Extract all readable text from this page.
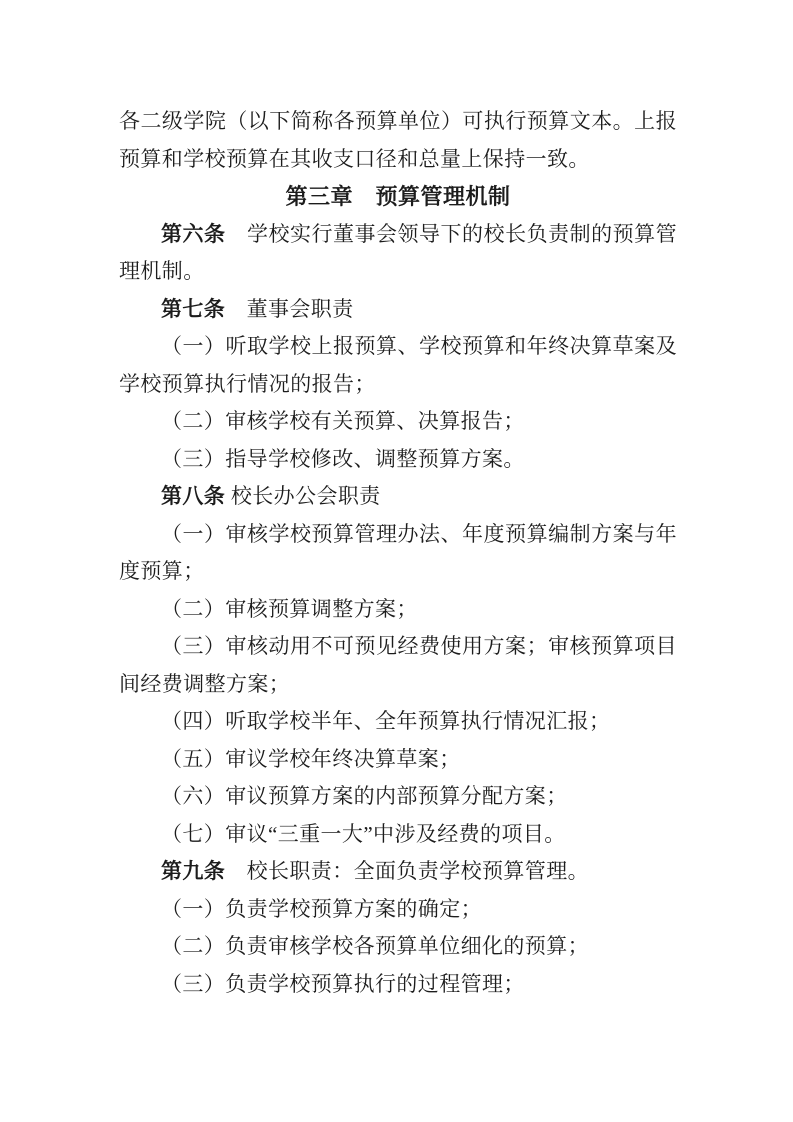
各二级学院（以下简称各预算单位）可执行预算文本。上报预算和学校预算在其收支口径和总量上保持一致。

第三章　预算管理机制

第六条　学校实行董事会领导下的校长负责制的预算管理机制。

第七条　董事会职责

（一）听取学校上报预算、学校预算和年终决算草案及学校预算执行情况的报告；

（二）审核学校有关预算、决算报告；

（三）指导学校修改、调整预算方案。

第八条 校长办公会职责

（一）审核学校预算管理办法、年度预算编制方案与年度预算；

（二）审核预算调整方案；

（三）审核动用不可预见经费使用方案；审核预算项目间经费调整方案；

（四）听取学校半年、全年预算执行情况汇报；

（五）审议学校年终决算草案；

（六）审议预算方案的内部预算分配方案；

（七）审议“三重一大”中涉及经费的项目。

第九条　校长职责：全面负责学校预算管理。

（一）负责学校预算方案的确定；

（二）负责审核学校各预算单位细化的预算；

（三）负责学校预算执行的过程管理；
